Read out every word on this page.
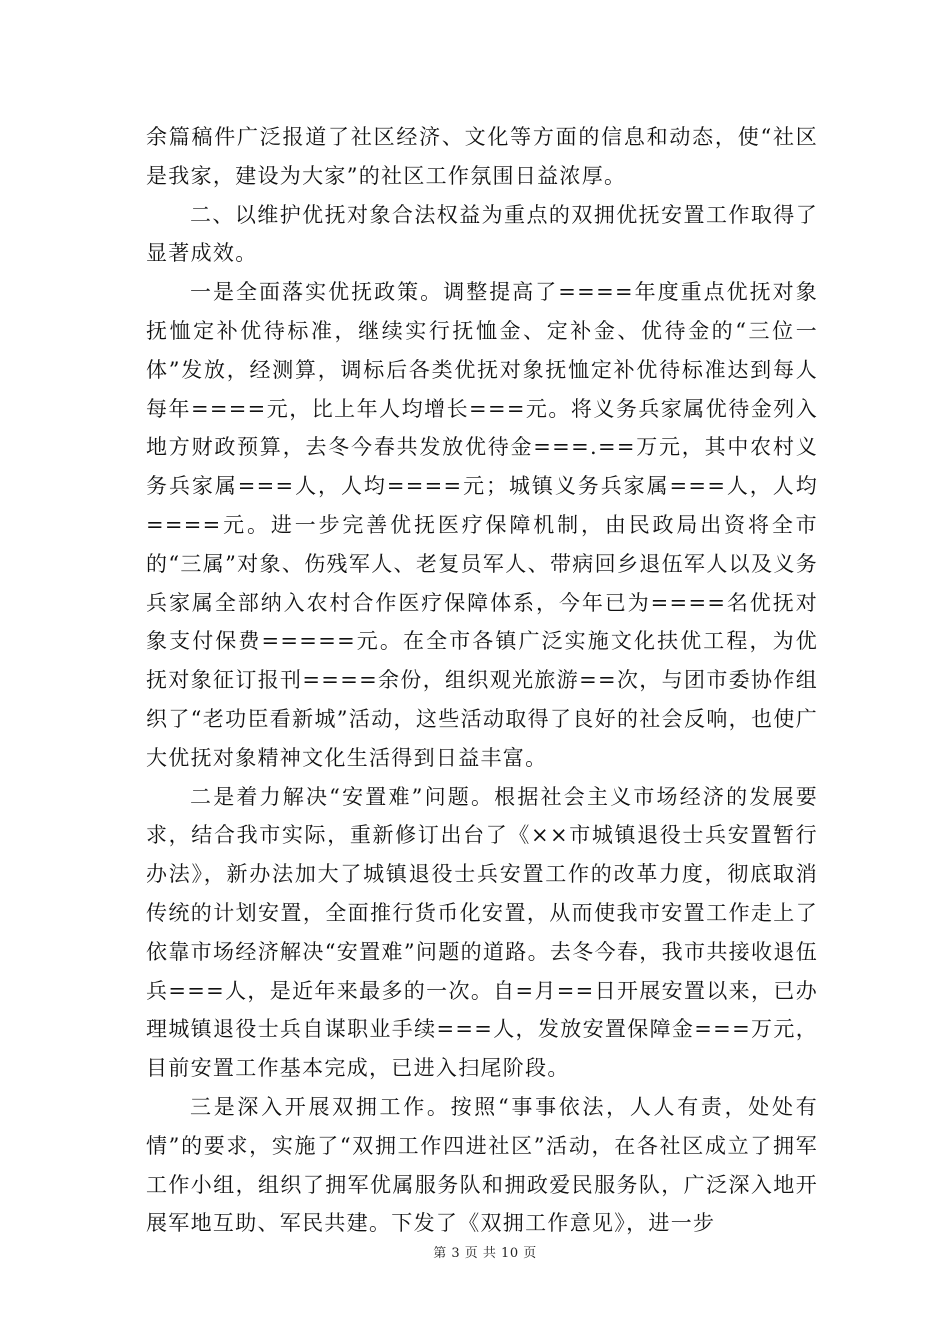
余篇稿件广泛报道了社区经济、文化等方面的信息和动态，使“社区是我家，建设为大家”的社区工作氛围日益浓厚。

二、以维护优抚对象合法权益为重点的双拥优抚安置工作取得了显著成效。

一是全面落实优抚政策。调整提高了====年度重点优抚对象抚恤定补优待标准，继续实行抚恤金、定补金、优待金的“三位一体”发放，经测算，调标后各类优抚对象抚恤定补优待标准达到每人每年====元，比上年人均增长===元。将义务兵家属优待金列入地方财政预算，去冬今春共发放优待金===.==万元，其中农村义务兵家属===人，人均====元；城镇义务兵家属===人，人均====元。进一步完善优抚医疗保障机制，由民政局出资将全市的“三属”对象、伤残军人、老复员军人、带病回乡退伍军人以及义务兵家属全部纳入农村合作医疗保障体系，今年已为====名优抚对象支付保费=====元。在全市各镇广泛实施文化扶优工程，为优抚对象征订报刊====余份，组织观光旅游==次，与团市委协作组织了“老功臣看新城”活动，这些活动取得了良好的社会反响，也使广大优抚对象精神文化生活得到日益丰富。

二是着力解决“安置难”问题。根据社会主义市场经济的发展要求，结合我市实际，重新修订出台了《××市城镇退役士兵安置暂行办法》，新办法加大了城镇退役士兵安置工作的改革力度，彻底取消传统的计划安置，全面推行货币化安置，从而使我市安置工作走上了依靠市场经济解决“安置难”问题的道路。去冬今春，我市共接收退伍兵===人，是近年来最多的一次。自=月==日开展安置以来，已办理城镇退役士兵自谋职业手续===人，发放安置保障金===万元，目前安置工作基本完成，已进入扫尾阶段。

三是深入开展双拥工作。按照“事事依法，人人有责，处处有情”的要求，实施了“双拥工作四进社区”活动，在各社区成立了拥军工作小组，组织了拥军优属服务队和拥政爱民服务队，广泛深入地开展军地互助、军民共建。下发了《双拥工作意见》，进一步

第 3 页 共 10 页
